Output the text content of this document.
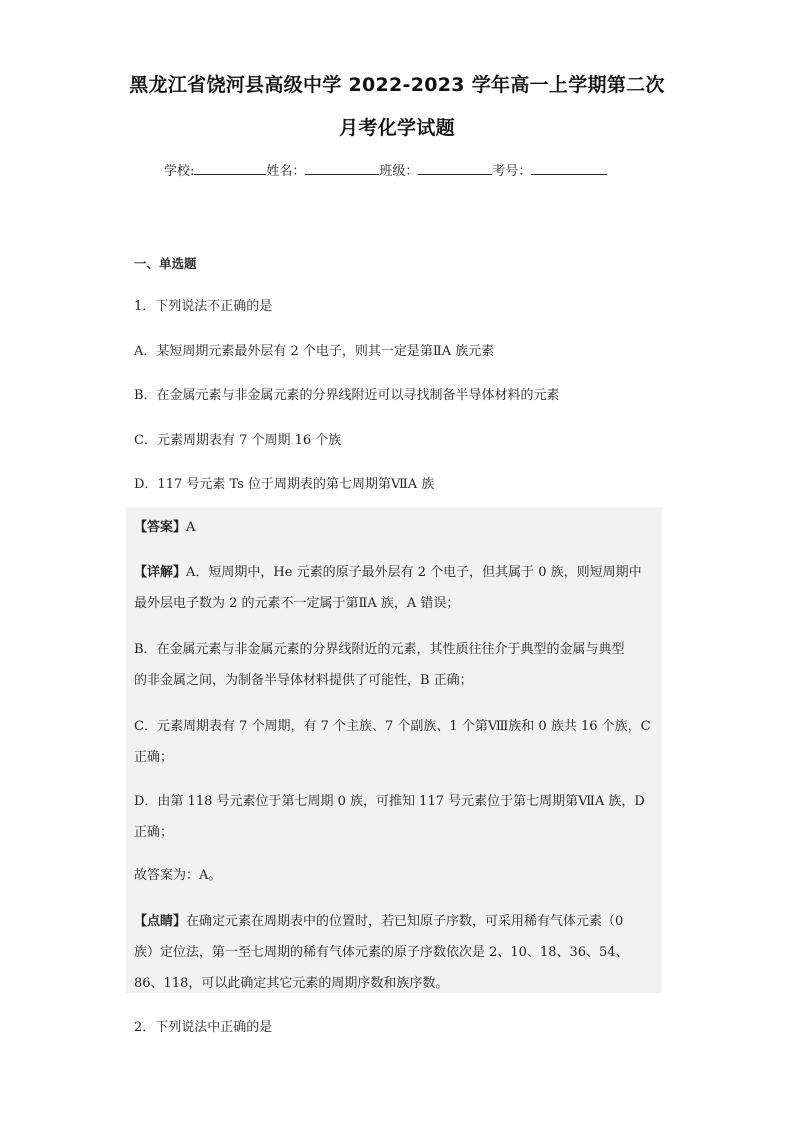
黑龙江省饶河县高级中学 2022-2023 学年高一上学期第二次
月考化学试题
学校:	姓名：	班级：	考号：
一、单选题
1．下列说法不正确的是
A．某短周期元素最外层有 2 个电子，则其一定是第ⅡA 族元素
B．在金属元素与非金属元素的分界线附近可以寻找制备半导体材料的元素
C．元素周期表有 7 个周期 16 个族
D．117 号元素 Ts 位于周期表的第七周期第ⅦA 族
【答案】A
【详解】A．短周期中，He 元素的原子最外层有 2 个电子，但其属于 0 族，则短周期中
最外层电子数为 2 的元素不一定属于第ⅡA 族，A 错误；
B．在金属元素与非金属元素的分界线附近的元素，其性质往往介于典型的金属与典型
的非金属之间，为制备半导体材料提供了可能性，B 正确；
C．元素周期表有 7 个周期，有 7 个主族、7 个副族、1 个第Ⅷ族和 0 族共 16 个族，C
正确；
D．由第 118 号元素位于第七周期 0 族，可推知 117 号元素位于第七周期第ⅦA 族，D
正确；
故答案为：A。
【点睛】在确定元素在周期表中的位置时，若已知原子序数，可采用稀有气体元素（0
族）定位法，第一至七周期的稀有气体元素的原子序数依次是 2、10、18、36、54、
86、118，可以此确定其它元素的周期序数和族序数。
2．下列说法中正确的是
